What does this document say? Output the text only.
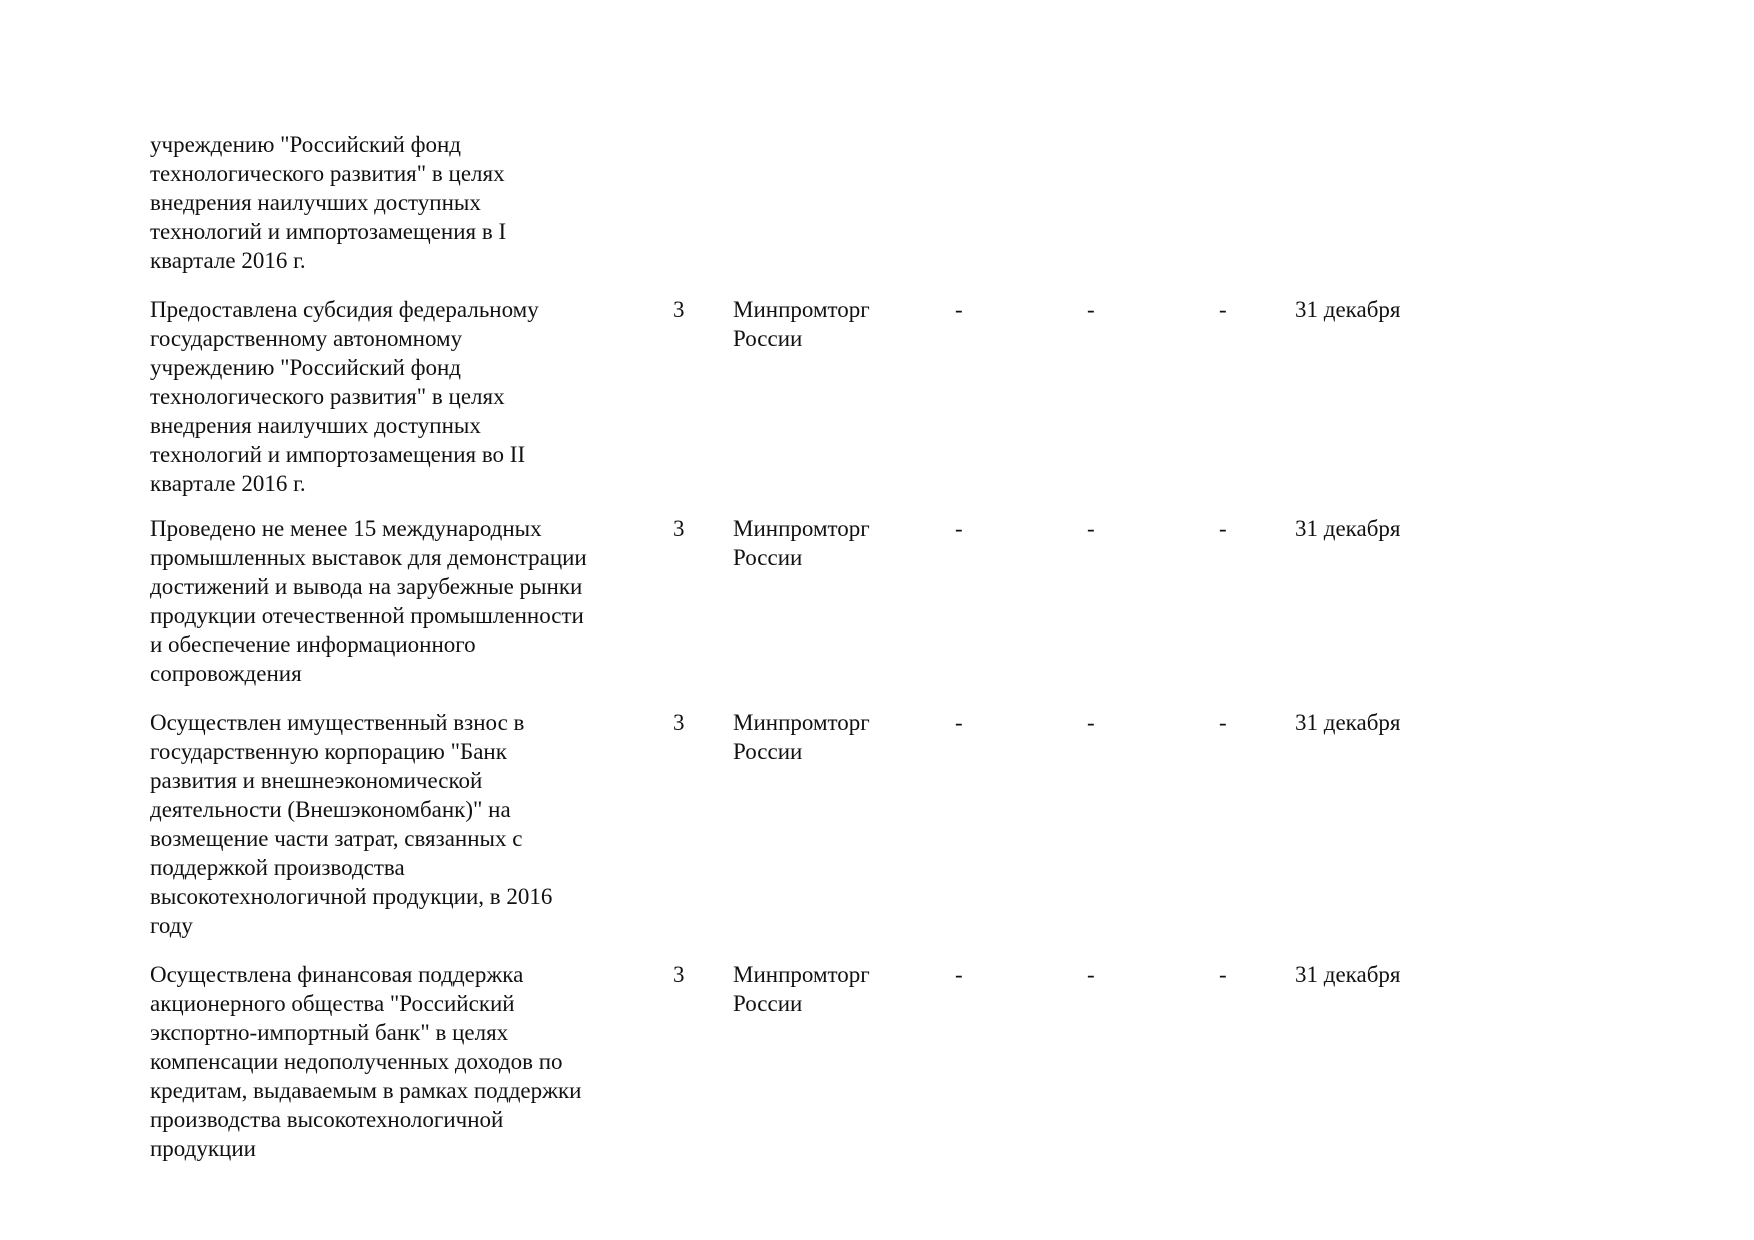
учреждению "Российский фонд
технологического развития" в целях
внедрения наилучших доступных
технологий и импортозамещения в I
квартале 2016 г.
Предоставлена субсидия федеральному
государственному автономному
учреждению "Российский фонд
технологического развития" в целях
внедрения наилучших доступных
технологий и импортозамещения во II
квартале 2016 г.
3	Минпромторг
России
-	-	-	31 декабря
Проведено не менее 15 международных
промышленных выставок для демонстрации
достижений и вывода на зарубежные рынки
продукции отечественной промышленности
и обеспечение информационного
сопровождения
3	Минпромторг
России
-	-	-	31 декабря
Осуществлен имущественный взнос в
государственную корпорацию "Банк
развития и внешнеэкономической
деятельности (Внешэкономбанк)" на
возмещение части затрат, связанных с
поддержкой производства
высокотехнологичной продукции, в 2016
году
3	Минпромторг
России
-	-	-	31 декабря
Осуществлена финансовая поддержка
акционерного общества "Российский
экспортно-импортный банк" в целях
компенсации недополученных доходов по
кредитам, выдаваемым в рамках поддержки
производства высокотехнологичной
продукции
3	Минпромторг
России
-	-	-	31 декабря
